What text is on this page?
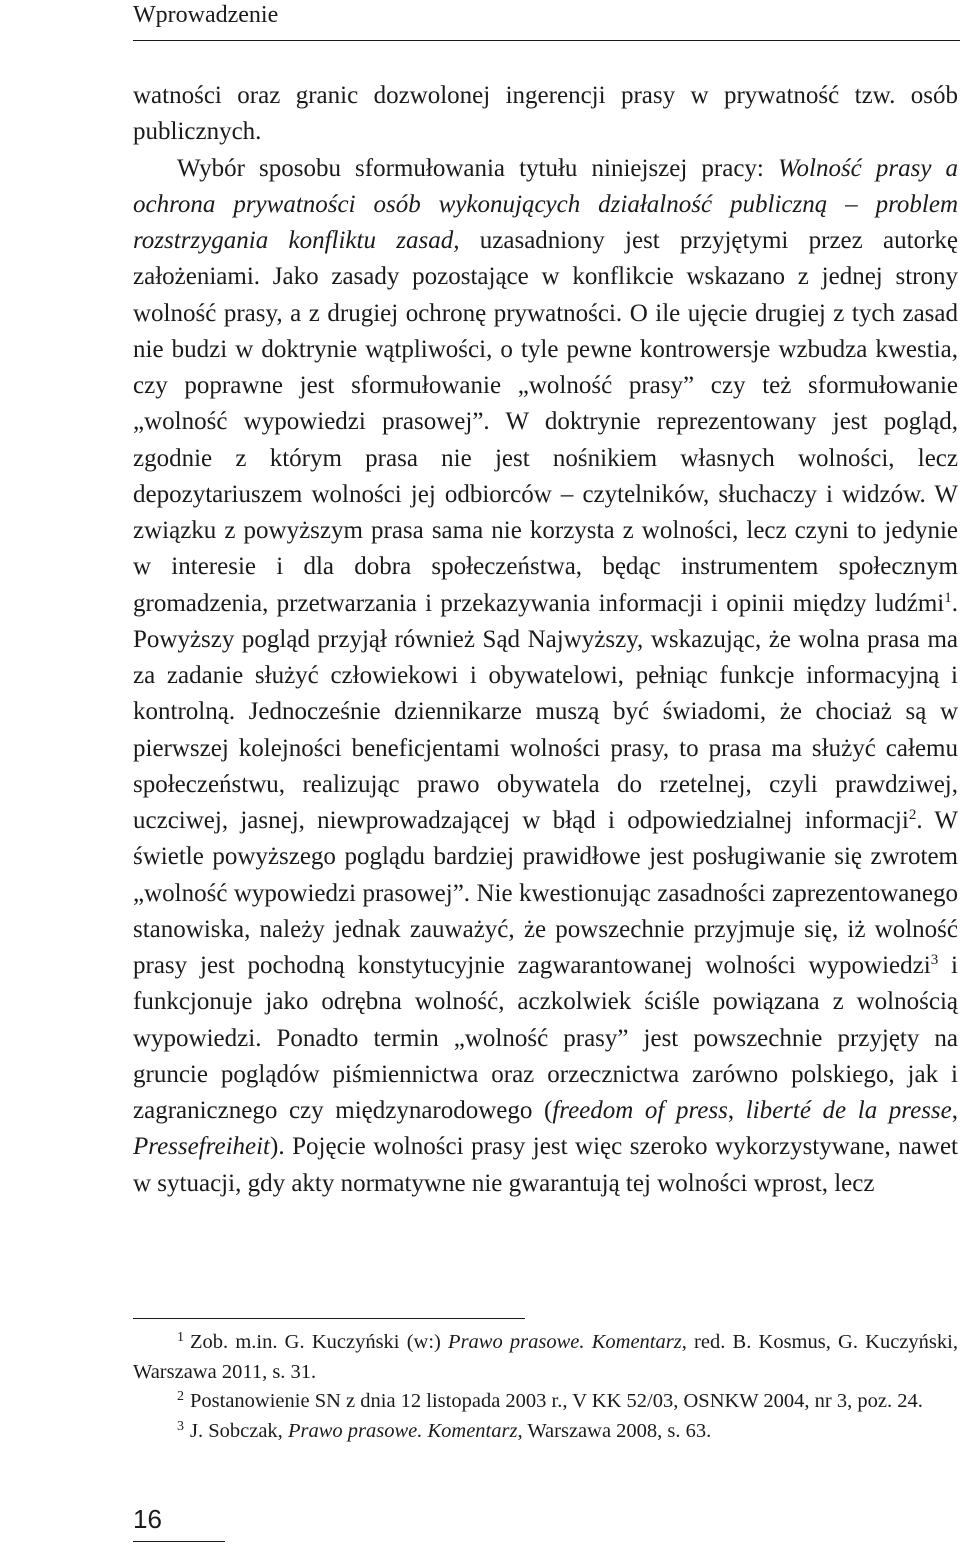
Wprowadzenie

watności oraz granic dozwolonej ingerencji prasy w prywatność tzw. osób publicznych.

Wybór sposobu sformułowania tytułu niniejszej pracy: Wolność prasy a ochrona prywatności osób wykonujących działalność publiczną – problem rozstrzygania konfliktu zasad, uzasadniony jest przyjętymi przez autorkę założeniami. Jako zasady pozostające w konflikcie wskazano z jednej strony wolność prasy, a z drugiej ochronę prywatności. O ile ujęcie drugiej z tych zasad nie budzi w doktrynie wątpliwości, o tyle pewne kontrowersje wzbudza kwestia, czy poprawne jest sformułowanie „wolność prasy” czy też sformułowanie „wolność wypowiedzi prasowej”. W doktrynie reprezentowany jest pogląd, zgodnie z którym prasa nie jest nośnikiem własnych wolności, lecz depozytariuszem wolności jej odbiorców – czytelników, słuchaczy i widzów. W związku z powyższym prasa sama nie korzysta z wolności, lecz czyni to jedynie w interesie i dla dobra społeczeństwa, będąc instrumentem społecznym gromadzenia, przetwarzania i przekazywania informacji i opinii między ludźmi$^1$. Powyższy pogląd przyjął również Sąd Najwyższy, wskazując, że wolna prasa ma za zadanie służyć człowiekowi i obywatelowi, pełniąc funkcje informacyjną i kontrolną. Jednocześnie dziennikarze muszą być świadomi, że chociaż są w pierwszej kolejności beneficjentami wolności prasy, to prasa ma służyć całemu społeczeństwu, realizując prawo obywatela do rzetelnej, czyli prawdziwej, uczciwej, jasnej, niewprowadzającej w błąd i odpowiedzialnej informacji$^2$. W świetle powyższego poglądu bardziej prawidłowe jest posługiwanie się zwrotem „wolność wypowiedzi prasowej”. Nie kwestionując zasadności zaprezentowanego stanowiska, należy jednak zauważyć, że powszechnie przyjmuje się, iż wolność prasy jest pochodną konstytucyjnie zagwarantowanej wolności wypowiedzi$^3$ i funkcjonuje jako odrębna wolność, aczkolwiek ściśle powiązana z wolnością wypowiedzi. Ponadto termin „wolność prasy” jest powszechnie przyjęty na gruncie poglądów piśmiennictwa oraz orzecznictwa zarówno polskiego, jak i zagranicznego czy międzynarodowego (freedom of press, liberté de la presse, Pressefreiheit). Pojęcie wolności prasy jest więc szeroko wykorzystywane, nawet w sytuacji, gdy akty normatywne nie gwarantują tej wolności wprost, lecz

$^1$ Zob. m.in. G. Kuczyński (w:) Prawo prasowe. Komentarz, red. B. Kosmus, G. Kuczyński, Warszawa 2011, s. 31.

$^2$ Postanowienie SN z dnia 12 listopada 2003 r., V KK 52/03, OSNKW 2004, nr 3, poz. 24.

$^3$ J. Sobczak, Prawo prasowe. Komentarz, Warszawa 2008, s. 63.

16
